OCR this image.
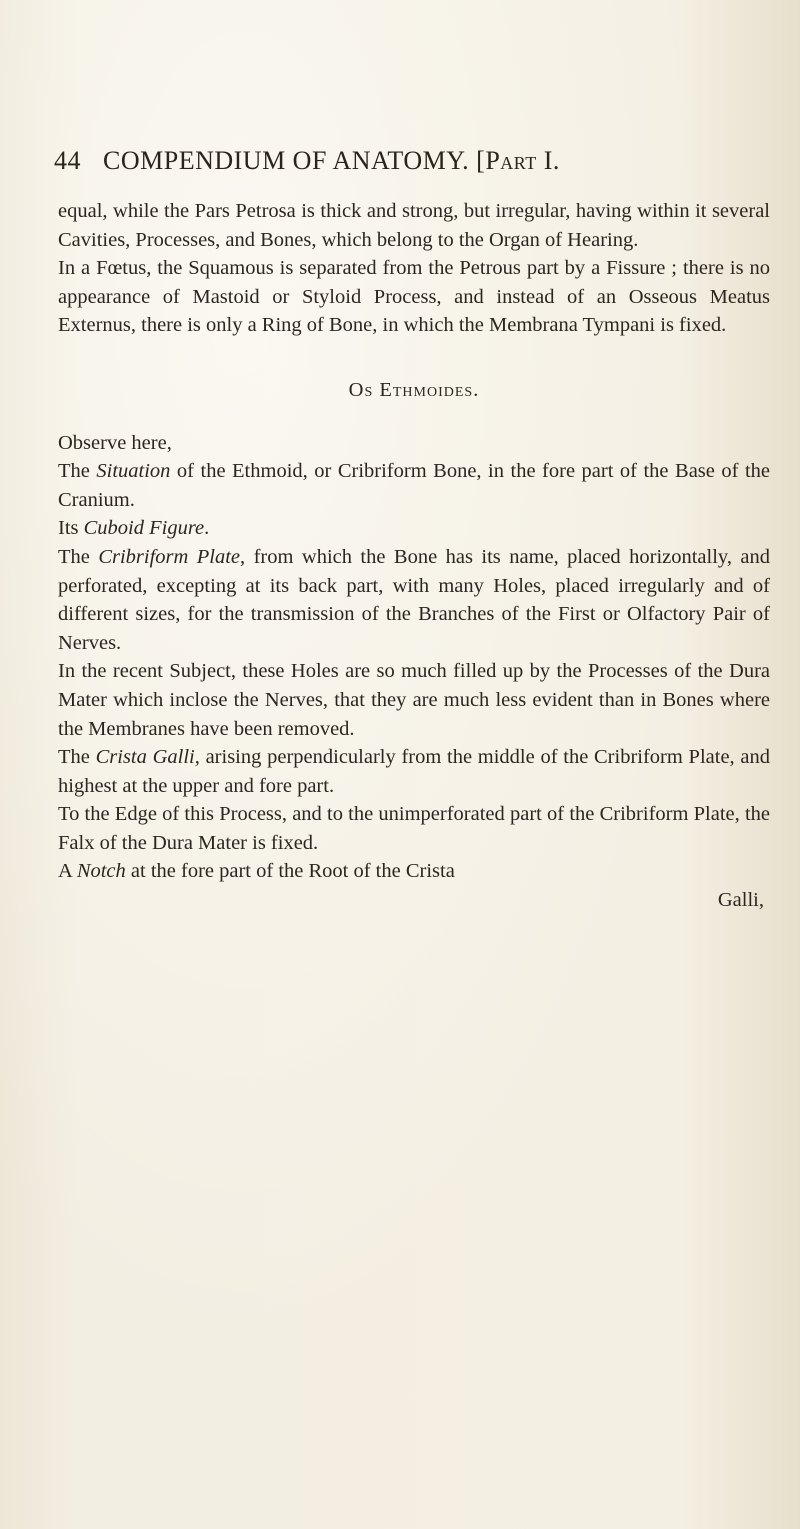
44 COMPENDIUM OF ANATOMY. [Part I.

equal, while the Pars Petrosa is thick and strong, but irregular, having within it several Cavities, Processes, and Bones, which belong to the Organ of Hearing.

In a Fœtus, the Squamous is separated from the Petrous part by a Fissure ; there is no appearance of Mastoid or Styloid Process, and instead of an Osseous Meatus Externus, there is only a Ring of Bone, in which the Membrana Tympani is fixed.

Os Ethmoides.

Observe here,

The Situation of the Ethmoid, or Cribriform Bone, in the fore part of the Base of the Cranium.

Its Cuboid Figure.

The Cribriform Plate, from which the Bone has its name, placed horizontally, and perforated, excepting at its back part, with many Holes, placed irregularly and of different sizes, for the transmission of the Branches of the First or Olfactory Pair of Nerves.

In the recent Subject, these Holes are so much filled up by the Processes of the Dura Mater which inclose the Nerves, that they are much less evident than in Bones where the Membranes have been removed.

The Crista Galli, arising perpendicularly from the middle of the Cribriform Plate, and highest at the upper and fore part.

To the Edge of this Process, and to the unimperforated part of the Cribriform Plate, the Falx of the Dura Mater is fixed.

A Notch at the fore part of the Root of the Crista

Galli,
